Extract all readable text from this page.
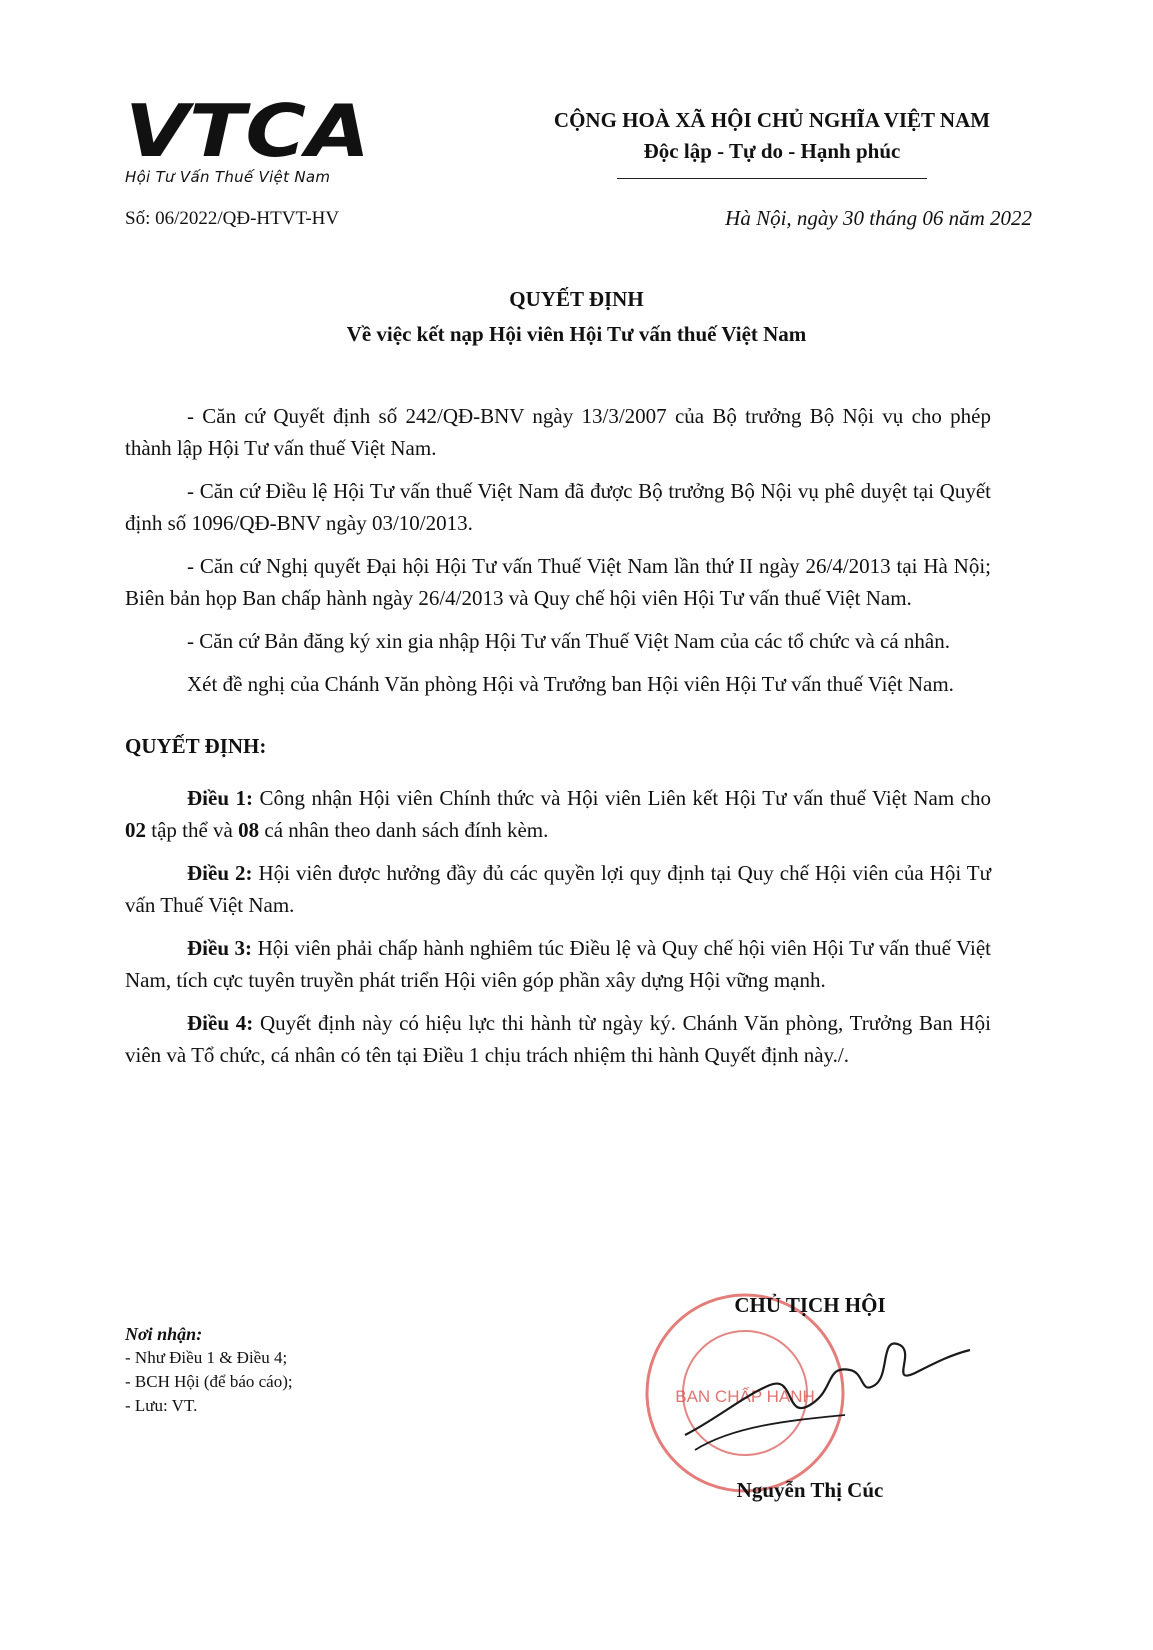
VTCA
Hội Tư Vấn Thuế Việt Nam
Số: 06/2022/QĐ-HTVT-HV
CỘNG HOÀ XÃ HỘI CHỦ NGHĨA VIỆT NAM
Độc lập - Tự do - Hạnh phúc
Hà Nội, ngày 30 tháng 06 năm 2022
QUYẾT ĐỊNH
Về việc kết nạp Hội viên Hội Tư vấn thuế Việt Nam

- Căn cứ Quyết định số 242/QĐ-BNV ngày 13/3/2007 của Bộ trưởng Bộ Nội vụ cho phép thành lập Hội Tư vấn thuế Việt Nam.

- Căn cứ Điều lệ Hội Tư vấn thuế Việt Nam đã được Bộ trưởng Bộ Nội vụ phê duyệt tại Quyết định số 1096/QĐ-BNV ngày 03/10/2013.

- Căn cứ Nghị quyết Đại hội Hội Tư vấn Thuế Việt Nam lần thứ II ngày 26/4/2013 tại Hà Nội; Biên bản họp Ban chấp hành ngày 26/4/2013 và Quy chế hội viên Hội Tư vấn thuế Việt Nam.

- Căn cứ Bản đăng ký xin gia nhập Hội Tư vấn Thuế Việt Nam của các tổ chức và cá nhân.

Xét đề nghị của Chánh Văn phòng Hội và Trưởng ban Hội viên Hội Tư vấn thuế Việt Nam.

QUYẾT ĐỊNH:

Điều 1: Công nhận Hội viên Chính thức và Hội viên Liên kết Hội Tư vấn thuế Việt Nam cho 02 tập thể và 08 cá nhân theo danh sách đính kèm.

Điều 2: Hội viên được hưởng đầy đủ các quyền lợi quy định tại Quy chế Hội viên của Hội Tư vấn Thuế Việt Nam.

Điều 3: Hội viên phải chấp hành nghiêm túc Điều lệ và Quy chế hội viên Hội Tư vấn thuế Việt Nam, tích cực tuyên truyền phát triển Hội viên góp phần xây dựng Hội vững mạnh.

Điều 4: Quyết định này có hiệu lực thi hành từ ngày ký. Chánh Văn phòng, Trưởng Ban Hội viên và Tổ chức, cá nhân có tên tại Điều 1 chịu trách nhiệm thi hành Quyết định này./.

Nơi nhận:
- Như Điều 1 & Điều 4;
- BCH Hội (để báo cáo);
- Lưu: VT.	BAN CHẤP HÀNH
CHỦ TỊCH HỘI
Nguyễn Thị Cúc
